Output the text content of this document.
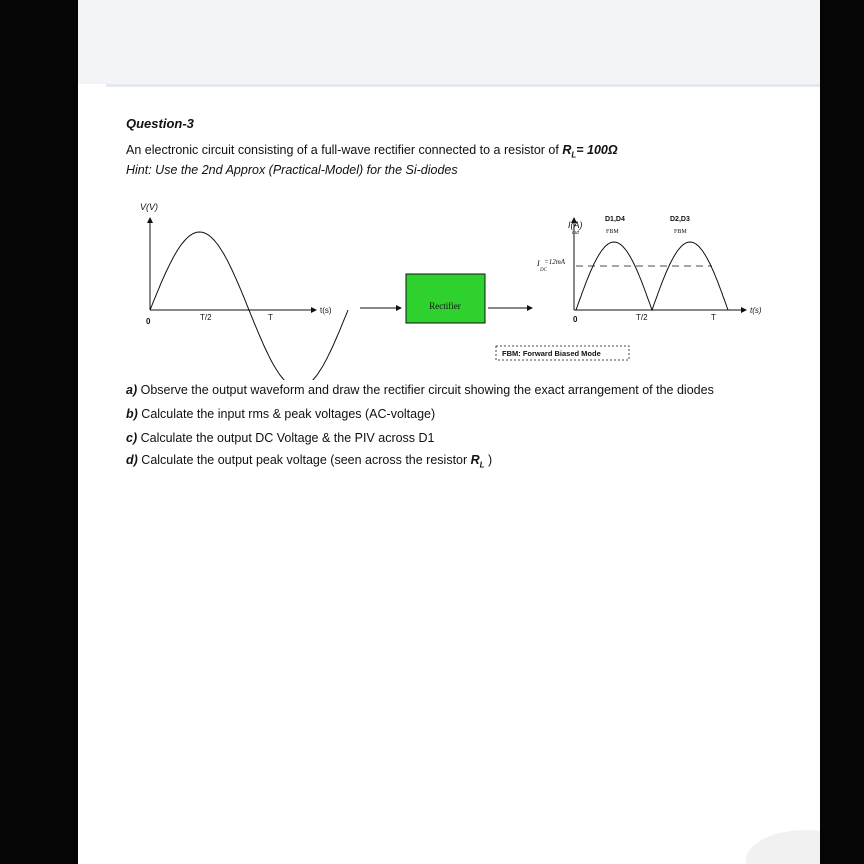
Question-3
An electronic circuit consisting of a full-wave rectifier connected to a resistor of $R_L= 100\Omega$
Hint: Use the 2nd Approx (Practical-Model) for the Si-diodes
V(V)
t(s)
0	T/2	T
Rectifier
I(A)
out
t(s)
0	T/2	T
D1,D4
FBM
D2,D3
FBM
I
DC
=12mA
FBM: Forward Biased Mode
a) Observe the output waveform and draw the rectifier circuit showing the exact arrangement of the diodes
b) Calculate the input rms & peak voltages (AC-voltage)
c) Calculate the output DC Voltage & the PIV across D1
d) Calculate the output peak voltage (seen across the resistor $R_L$ )
